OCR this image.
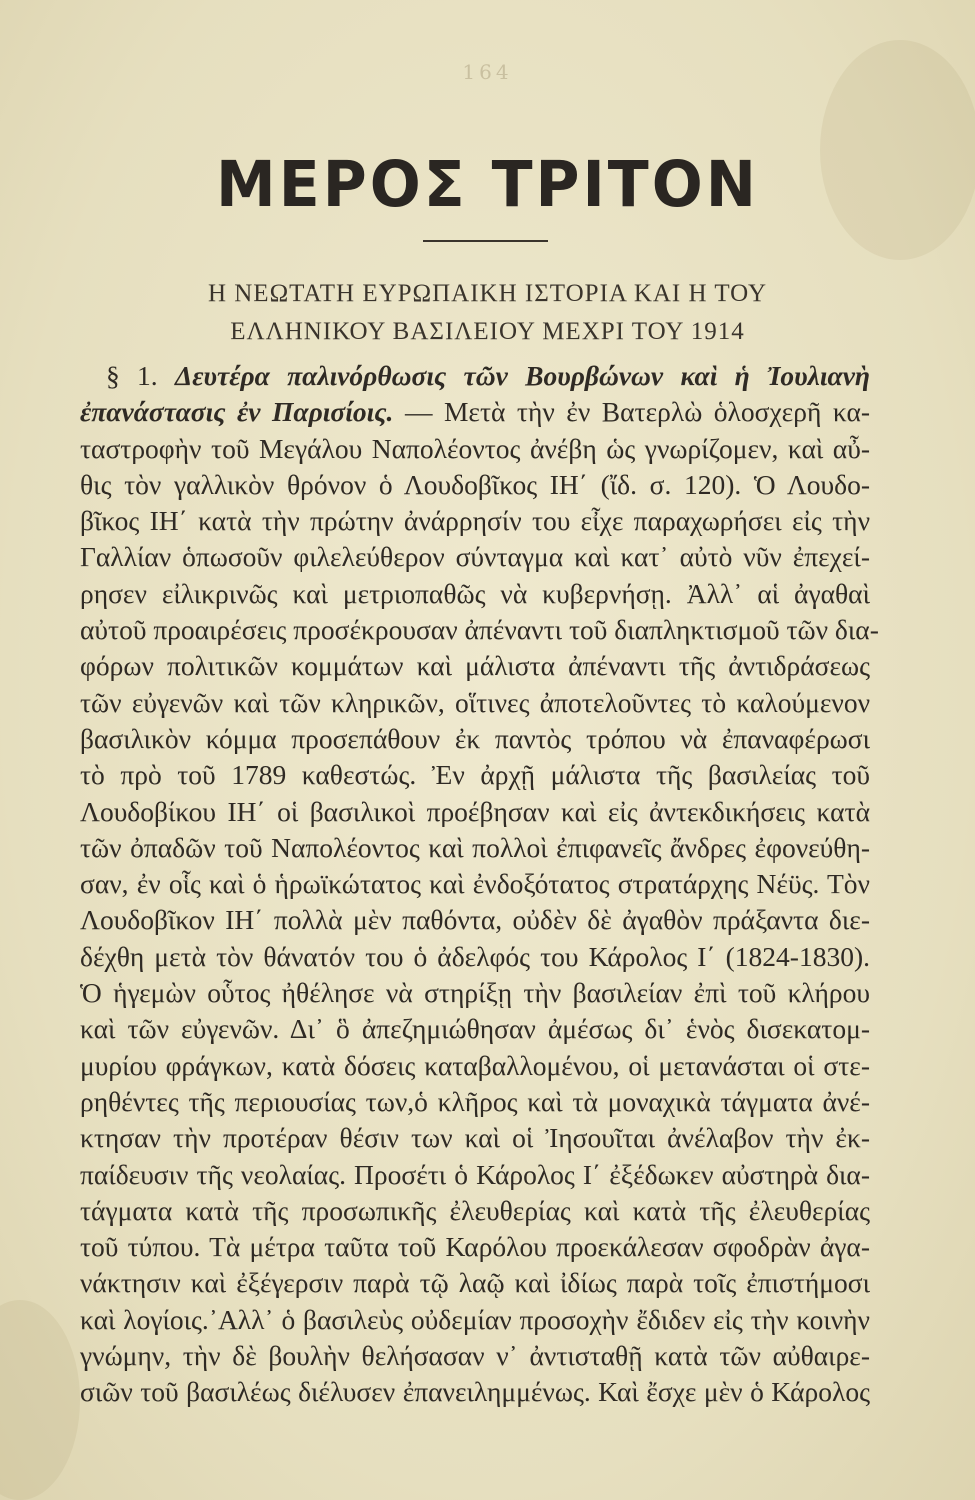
164
ΜΕΡΟΣ ΤΡΙΤΟΝ
Η ΝΕΩΤΑΤΗ ΕΥΡΩΠΑΙΚΗ ΙΣΤΟΡΙΑ ΚΑΙ Η ΤΟΥ
ΕΛΛΗΝΙΚΟΥ ΒΑΣΙΛΕΙΟΥ ΜΕΧΡΙ ΤΟΥ 1914
§ 1. Δευτέρα παλινόρθωσις τῶν Βουρβώνων καὶ ἡ Ἰουλιανὴ
ἐπανάστασις ἐν Παρισίοις. — Μετὰ τὴν ἐν Βατερλὼ ὁλοσχερῆ κα-
ταστροφὴν τοῦ Μεγάλου Ναπολέοντος ἀνέβη ὡς γνωρίζομεν, καὶ αὖ-
θις τὸν γαλλικὸν θρόνον ὁ Λουδοβῖκος ΙΗ΄ (ἴδ. σ. 120). Ὁ Λουδο-
βῖκος ΙΗ΄ κατὰ τὴν πρώτην ἀνάρρησίν του εἶχε παραχωρήσει εἰς τὴν
Γαλλίαν ὁπωσοῦν φιλελεύθερον σύνταγμα καὶ κατ᾽ αὐτὸ νῦν ἐπεχεί-
ρησεν εἰλικρινῶς καὶ μετριοπαθῶς νὰ κυβερνήσῃ. Ἀλλ᾽ αἱ ἀγαθαὶ
αὐτοῦ προαιρέσεις προσέκρουσαν ἀπέναντι τοῦ διαπληκτισμοῦ τῶν δια-
φόρων πολιτικῶν κομμάτων καὶ μάλιστα ἀπέναντι τῆς ἀντιδράσεως
τῶν εὐγενῶν καὶ τῶν κληρικῶν, οἵτινες ἀποτελοῦντες τὸ καλούμενον
βασιλικὸν κόμμα προσεπάθουν ἐκ παντὸς τρόπου νὰ ἐπαναφέρωσι
τὸ πρὸ τοῦ 1789 καθεστώς. Ἐν ἀρχῇ μάλιστα τῆς βασιλείας τοῦ
Λουδοβίκου ΙΗ΄ οἱ βασιλικοὶ προέβησαν καὶ εἰς ἀντεκδικήσεις κατὰ
τῶν ὀπαδῶν τοῦ Ναπολέοντος καὶ πολλοὶ ἐπιφανεῖς ἄνδρες ἐφονεύθη-
σαν, ἐν οἷς καὶ ὁ ἡρωϊκώτατος καὶ ἐνδοξότατος στρατάρχης Νέϋς. Τὸν
Λουδοβῖκον ΙΗ΄ πολλὰ μὲν παθόντα, οὐδὲν δὲ ἀγαθὸν πράξαντα διε-
δέχθη μετὰ τὸν θάνατόν του ὁ ἀδελφός του Κάρολος Ι΄ (1824-1830).
Ὁ ἡγεμὼν οὗτος ἠθέλησε νὰ στηρίξῃ τὴν βασιλείαν ἐπὶ τοῦ κλήρου
καὶ τῶν εὐγενῶν. Δι᾽ ὃ ἀπεζημιώθησαν ἀμέσως δι᾽ ἑνὸς δισεκατομ-
μυρίου φράγκων, κατὰ δόσεις καταβαλλομένου, οἱ μετανάσται οἱ στε-
ρηθέντες τῆς περιουσίας των,ὁ κλῆρος καὶ τὰ μοναχικὰ τάγματα ἀνέ-
κτησαν τὴν προτέραν θέσιν των καὶ οἱ Ἰησουῖται ἀνέλαβον τὴν ἐκ-
παίδευσιν τῆς νεολαίας. Προσέτι ὁ Κάρολος Ι΄ ἐξέδωκεν αὐστηρὰ δια-
τάγματα κατὰ τῆς προσωπικῆς ἐλευθερίας καὶ κατὰ τῆς ἐλευθερίας
τοῦ τύπου. Τὰ μέτρα ταῦτα τοῦ Καρόλου προεκάλεσαν σφοδρὰν ἀγα-
νάκτησιν καὶ ἐξέγερσιν παρὰ τῷ λαῷ καὶ ἰδίως παρὰ τοῖς ἐπιστήμοσι
καὶ λογίοις.᾽Αλλ᾽ ὁ βασιλεὺς οὐδεμίαν προσοχὴν ἔδιδεν εἰς τὴν κοινὴν
γνώμην, τὴν δὲ βουλὴν θελήσασαν ν᾽ ἀντισταθῇ κατὰ τῶν αὐθαιρε-
σιῶν τοῦ βασιλέως διέλυσεν ἐπανειλημμένως. Καὶ ἔσχε μὲν ὁ Κάρολος
